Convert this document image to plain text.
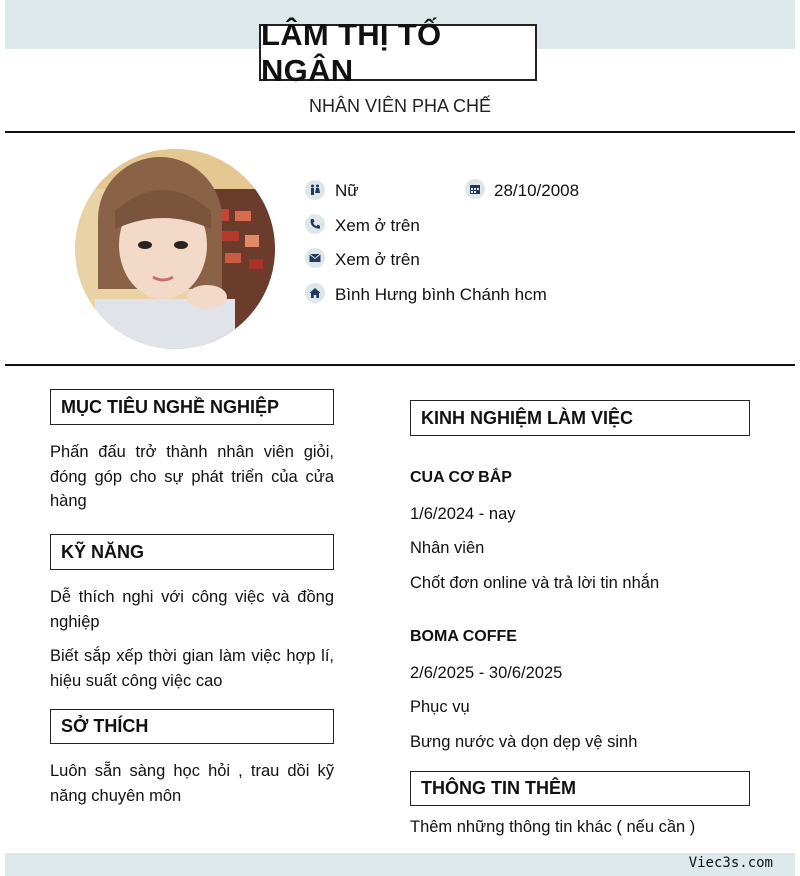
LÂM THỊ TỐ NGÂN
NHÂN VIÊN PHA CHẾ
Nữ	28/10/2008
Xem ở trên
Xem ở trên
Bình Hưng bình Chánh hcm
MỤC TIÊU NGHỀ NGHIỆP
Phấn đấu trở thành nhân viên giỏi, đóng góp cho sự phát triển của cửa hàng
KỸ NĂNG
Dễ thích nghi với công việc và đồng nghiệp
Biết sắp xếp thời gian làm việc hợp lí, hiệu suất công việc cao
SỞ THÍCH
Luôn sẵn sàng học hỏi , trau dồi kỹ năng chuyên môn
KINH NGHIỆM LÀM VIỆC
CUA CƠ BẮP
1/6/2024 - nay
Nhân viên
Chốt đơn online và trả lời tin nhắn
BOMA COFFE
2/6/2025 - 30/6/2025
Phục vụ
Bưng nước và dọn dẹp vệ sinh
THÔNG TIN THÊM
Thêm những thông tin khác ( nếu cần )
Viec3s.com
